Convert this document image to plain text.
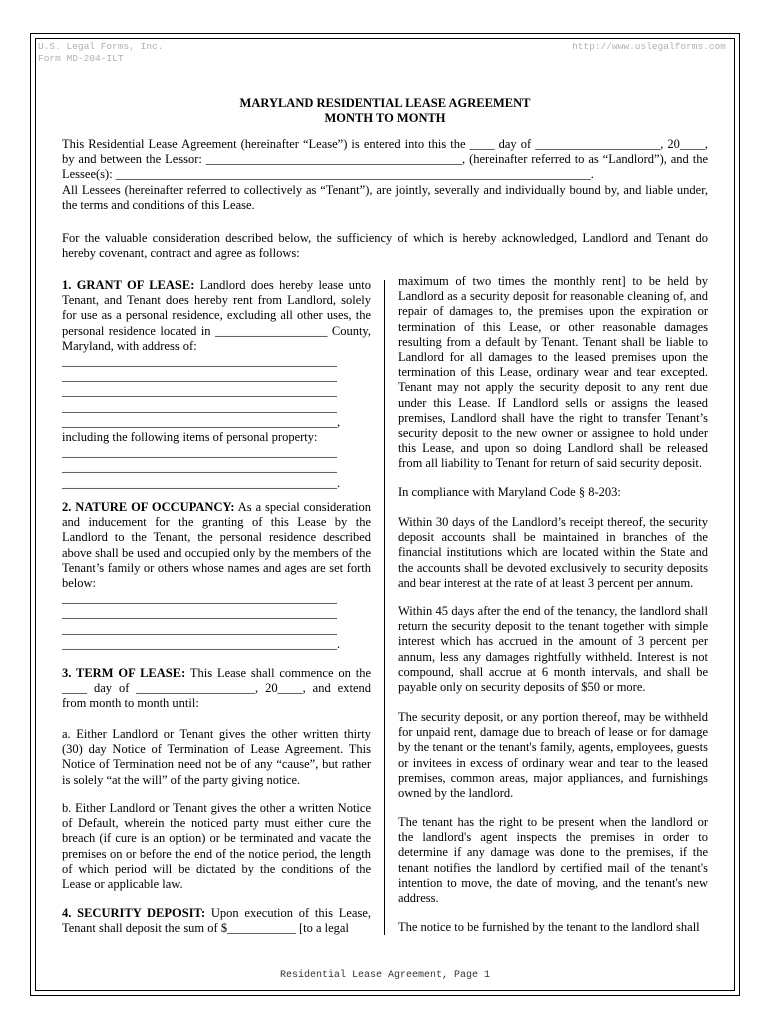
U.S. Legal Forms, Inc.
Form MD-204-ILT
http://www.uslegalforms.com
MARYLAND RESIDENTIAL LEASE AGREEMENT
MONTH TO MONTH
This Residential Lease Agreement (hereinafter “Lease”) is entered into this the ____ day of ____________________, 20____, by and between the Lessor: _________________________________________, (hereinafter referred to as “Landlord”), and the Lessee(s): ____________________________________________________________________________.
All Lessees (hereinafter referred to collectively as “Tenant”), are jointly, severally and individually bound by, and liable under, the terms and conditions of this Lease.
For the valuable consideration described below, the sufficiency of which is hereby acknowledged, Landlord and Tenant do hereby covenant, contract and agree as follows:
1. GRANT OF LEASE: Landlord does hereby lease unto Tenant, and Tenant does hereby rent from Landlord, solely for use as a personal residence, excluding all other uses, the personal residence located in __________________ County, Maryland, with address of:
____________________________________________
____________________________________________
____________________________________________
____________________________________________
____________________________________________,
including the following items of personal property:
____________________________________________
____________________________________________
____________________________________________.
2. NATURE OF OCCUPANCY: As a special consideration and inducement for the granting of this Lease by the Landlord to the Tenant, the personal residence described above shall be used and occupied only by the members of the Tenant’s family or others whose names and ages are set forth below:
____________________________________________
____________________________________________
____________________________________________
____________________________________________.
3. TERM OF LEASE: This Lease shall commence on the ____ day of ___________________, 20____, and extend from month to month until:
a. Either Landlord or Tenant gives the other written thirty (30) day Notice of Termination of Lease Agreement. This Notice of Termination need not be of any “cause”, but rather is solely “at the will” of the party giving notice.
b. Either Landlord or Tenant gives the other a written Notice of Default, wherein the noticed party must either cure the breach (if cure is an option) or be terminated and vacate the premises on or before the end of the notice period, the length of which period will be dictated by the conditions of the Lease or applicable law.
4. SECURITY DEPOSIT: Upon execution of this Lease, Tenant shall deposit the sum of $___________ [to a legal
maximum of two times the monthly rent] to be held by Landlord as a security deposit for reasonable cleaning of, and repair of damages to, the premises upon the expiration or termination of this Lease, or other reasonable damages resulting from a default by Tenant. Tenant shall be liable to Landlord for all damages to the leased premises upon the termination of this Lease, ordinary wear and tear excepted. Tenant may not apply the security deposit to any rent due under this Lease. If Landlord sells or assigns the leased premises, Landlord shall have the right to transfer Tenant’s security deposit to the new owner or assignee to hold under this Lease, and upon so doing Landlord shall be released from all liability to Tenant for return of said security deposit.
In compliance with Maryland Code § 8-203:
Within 30 days of the Landlord’s receipt thereof, the security deposit accounts shall be maintained in branches of the financial institutions which are located within the State and the accounts shall be devoted exclusively to security deposits and bear interest at the rate of at least 3 percent per annum.
Within 45 days after the end of the tenancy, the landlord shall return the security deposit to the tenant together with simple interest which has accrued in the amount of 3 percent per annum, less any damages rightfully withheld. Interest is not compound, shall accrue at 6 month intervals, and shall be payable only on security deposits of $50 or more.
The security deposit, or any portion thereof, may be withheld for unpaid rent, damage due to breach of lease or for damage by the tenant or the tenant's family, agents, employees, guests or invitees in excess of ordinary wear and tear to the leased premises, common areas, major appliances, and furnishings owned by the landlord.
The tenant has the right to be present when the landlord or the landlord's agent inspects the premises in order to determine if any damage was done to the premises, if the tenant notifies the landlord by certified mail of the tenant's intention to move, the date of moving, and the tenant's new address.
The notice to be furnished by the tenant to the landlord shall
Residential Lease Agreement, Page 1
